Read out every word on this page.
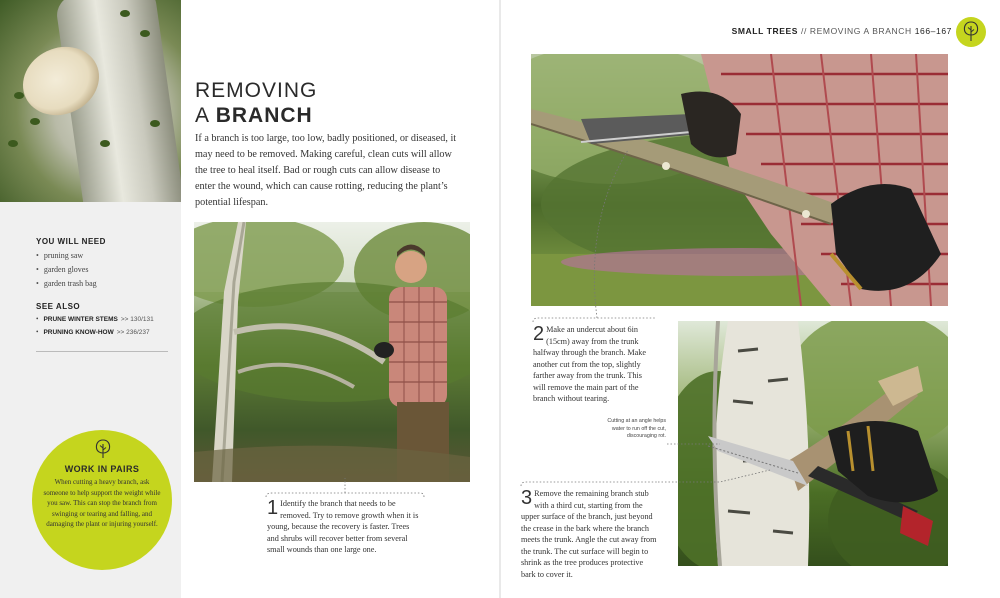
YOU WILL NEED
• pruning saw
• garden gloves
• garden trash bag
SEE ALSO
• PRUNE WINTER STEMS >> 130/131
• PRUNING KNOW-HOW >> 236/237
WORK IN PAIRS
When cutting a heavy branch, ask someone to help support the weight while you saw. This can stop the branch from swinging or tearing and falling, and damaging the plant or injuring yourself.
REMOVING
A BRANCH

If a branch is too large, too low, badly positioned, or diseased, it may need to be removed. Making careful, clean cuts will allow the tree to heal itself. Bad or rough cuts can allow disease to enter the wound, which can cause rotting, reducing the plant’s potential lifespan.

1 Identify the branch that needs to be removed. Try to remove growth when it is young, because the recovery is faster. Trees and shrubs will recover better from several small wounds than one large one.
2 Make an undercut about 6in (15cm) away from the trunk halfway through the branch. Make another cut from the top, slightly farther away from the trunk. This will remove the main part of the branch without tearing.
3 Remove the remaining branch stub with a third cut, starting from the upper surface of the branch, just beyond the crease in the bark where the branch meets the trunk. Angle the cut away from the trunk. The cut surface will begin to shrink as the tree produces protective bark to cover it.
Cutting at an angle helps water to run off the cut, discouraging rot.
SMALL TREES // REMOVING A BRANCH 166–167
